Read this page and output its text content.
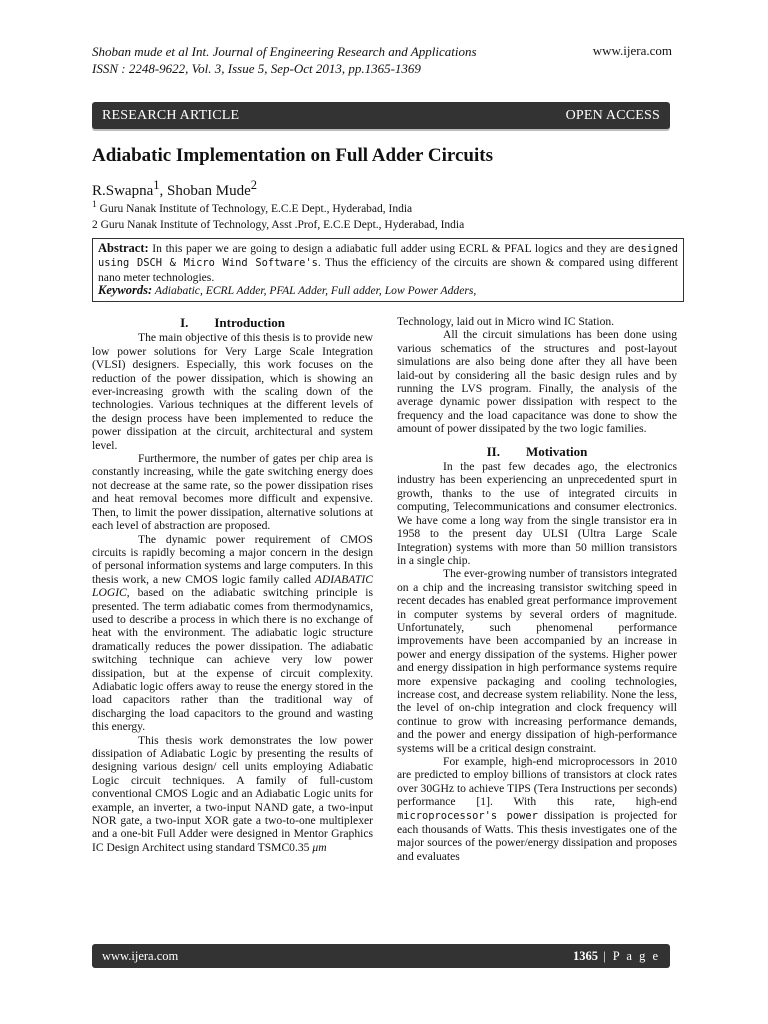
Shoban mude et al Int. Journal of Engineering Research and Applications
ISSN : 2248-9622, Vol. 3, Issue 5, Sep-Oct 2013, pp.1365-1369
www.ijera.com
RESEARCH ARTICLE	OPEN ACCESS
Adiabatic Implementation on Full Adder Circuits
R.Swapna$^1$, Shoban Mude$^2$
$^1$ Guru Nanak Institute of Technology, E.C.E Dept., Hyderabad, India
2 Guru Nanak Institute of Technology, Asst .Prof, E.C.E Dept., Hyderabad, India
Abstract: In this paper we are going to design a adiabatic full adder using ECRL & PFAL logics and they are designed using DSCH & Micro Wind Software's. Thus the efficiency of the circuits are shown & compared using different nano meter technologies.
Keywords: Adiabatic, ECRL Adder, PFAL Adder, Full adder, Low Power Adders,
I. Introduction

The main objective of this thesis is to provide new low power solutions for Very Large Scale Integration (VLSI) designers. Especially, this work focuses on the reduction of the power dissipation, which is showing an ever-increasing growth with the scaling down of the technologies. Various techniques at the different levels of the design process have been implemented to reduce the power dissipation at the circuit, architectural and system level.

Furthermore, the number of gates per chip area is constantly increasing, while the gate switching energy does not decrease at the same rate, so the power dissipation rises and heat removal becomes more difficult and expensive. Then, to limit the power dissipation, alternative solutions at each level of abstraction are proposed.

The dynamic power requirement of CMOS circuits is rapidly becoming a major concern in the design of personal information systems and large computers. In this thesis work, a new CMOS logic family called ADIABATIC LOGIC, based on the adiabatic switching principle is presented. The term adiabatic comes from thermodynamics, used to describe a process in which there is no exchange of heat with the environment. The adiabatic logic structure dramatically reduces the power dissipation. The adiabatic switching technique can achieve very low power dissipation, but at the expense of circuit complexity. Adiabatic logic offers away to reuse the energy stored in the load capacitors rather than the traditional way of discharging the load capacitors to the ground and wasting this energy.

This thesis work demonstrates the low power dissipation of Adiabatic Logic by presenting the results of designing various design/ cell units employing Adiabatic Logic circuit techniques. A family of full-custom conventional CMOS Logic and an Adiabatic Logic units for example, an inverter, a two-input NAND gate, a two-input NOR gate, a two-input XOR gate a two-to-one multiplexer and a one-bit Full Adder were designed in Mentor Graphics IC Design Architect using standard TSMC0.35 μm

Technology, laid out in Micro wind IC Station.

All the circuit simulations has been done using various schematics of the structures and post-layout simulations are also being done after they all have been laid-out by considering all the basic design rules and by running the LVS program. Finally, the analysis of the average dynamic power dissipation with respect to the frequency and the load capacitance was done to show the amount of power dissipated by the two logic families.

II. Motivation

In the past few decades ago, the electronics industry has been experiencing an unprecedented spurt in growth, thanks to the use of integrated circuits in computing, Telecommunications and consumer electronics. We have come a long way from the single transistor era in 1958 to the present day ULSI (Ultra Large Scale Integration) systems with more than 50 million transistors in a single chip.

The ever-growing number of transistors integrated on a chip and the increasing transistor switching speed in recent decades has enabled great performance improvement in computer systems by several orders of magnitude. Unfortunately, such phenomenal performance improvements have been accompanied by an increase in power and energy dissipation of the systems. Higher power and energy dissipation in high performance systems require more expensive packaging and cooling technologies, increase cost, and decrease system reliability. None the less, the level of on-chip integration and clock frequency will continue to grow with increasing performance demands, and the power and energy dissipation of high-performance systems will be a critical design constraint.

For example, high-end microprocessors in 2010 are predicted to employ billions of transistors at clock rates over 30GHz to achieve TIPS (Tera Instructions per seconds) performance [1]. With this rate, high-end microprocessor's power dissipation is projected for each thousands of Watts. This thesis investigates one of the major sources of the power/energy dissipation and proposes and evaluates

www.ijera.com	1365 | P a g e
